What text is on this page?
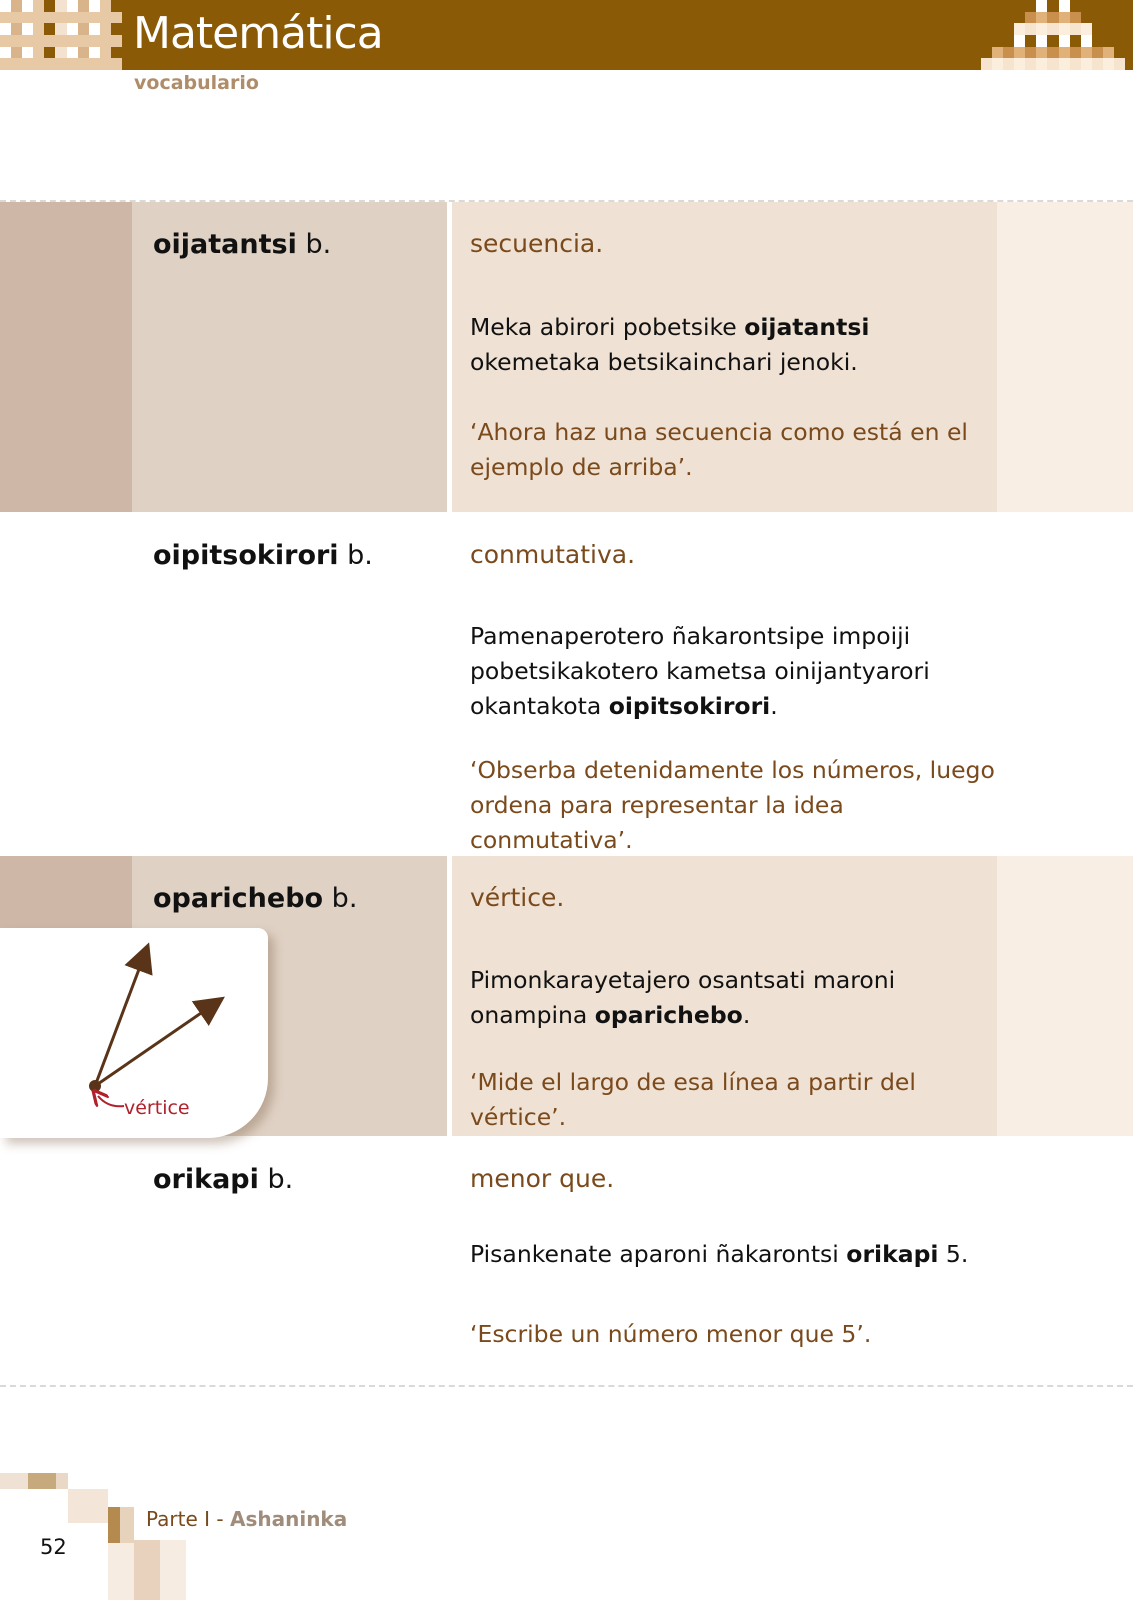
Matemática
vocabulario
oijatantsi b.	secuencia.
Meka abirori pobetsike oijatantsi okemetaka betsikainchari jenoki.
‘Ahora haz una secuencia como está en el ejemplo de arriba’.
oipitsokirori b.	conmutativa.
Pamenaperotero ñakarontsipe impoiji pobetsikakotero kametsa oinijantyarori okantakota oipitsokirori.
‘Obserba detenidamente los números, luego ordena para representar la idea conmutativa’.
oparichebo b.	vértice.
Pimonkarayetajero osantsati maroni onampina oparichebo.
‘Mide el largo de esa línea a partir del vértice’.
vértice
orikapi b.	menor que.
Pisankenate aparoni ñakarontsi orikapi 5.
‘Escribe un número menor que 5’.
52
Parte I - Ashaninka
